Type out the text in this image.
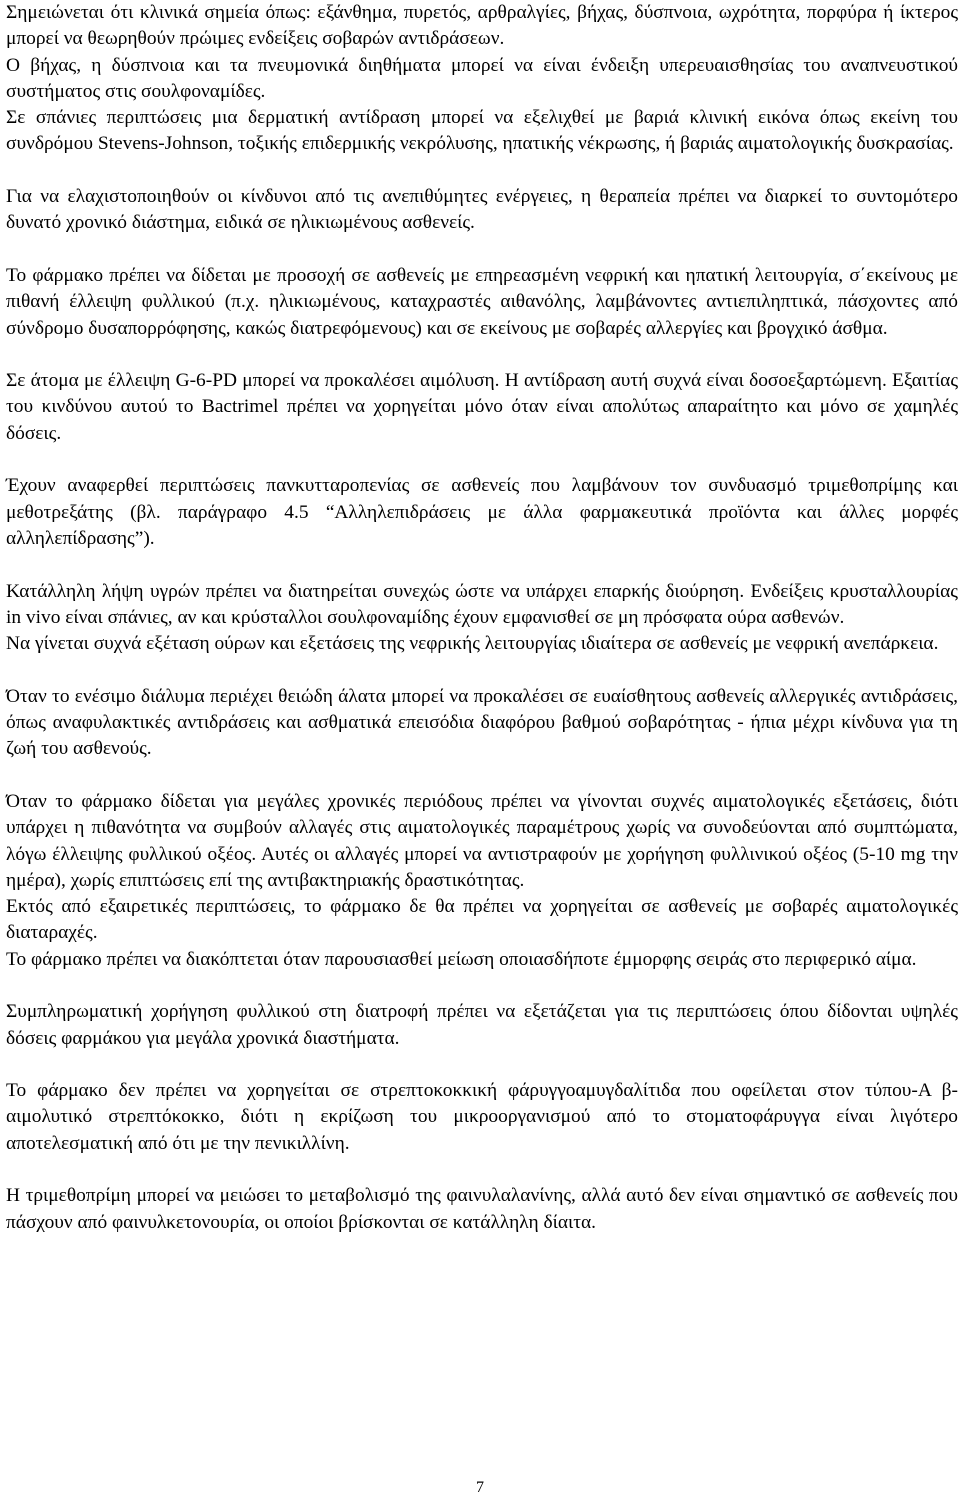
Σημειώνεται ότι κλινικά σημεία όπως: εξάνθημα, πυρετός, αρθραλγίες, βήχας, δύσπνοια, ωχρότητα, πορφύρα ή ίκτερος μπορεί να θεωρηθούν πρώιμες ενδείξεις σοβαρών αντιδράσεων.
Ο βήχας, η δύσπνοια και τα πνευμονικά διηθήματα μπορεί να είναι ένδειξη υπερευαισθησίας του αναπνευστικού συστήματος στις σουλφοναμίδες.
Σε σπάνιες περιπτώσεις μια δερματική αντίδραση μπορεί να εξελιχθεί με βαριά κλινική εικόνα όπως εκείνη του συνδρόμου Stevens-Johnson, τοξικής επιδερμικής νεκρόλυσης, ηπατικής νέκρωσης, ή βαριάς αιματολογικής δυσκρασίας.

Για να ελαχιστοποιηθούν οι κίνδυνοι από τις ανεπιθύμητες ενέργειες, η θεραπεία πρέπει να διαρκεί το συντομότερο δυνατό χρονικό διάστημα, ειδικά σε ηλικιωμένους ασθενείς.

Το φάρμακο πρέπει να δίδεται με προσοχή σε ασθενείς με επηρεασμένη νεφρική και ηπατική λειτουργία, σ΄εκείνους με πιθανή έλλειψη φυλλικού (π.χ. ηλικιωμένους, καταχραστές αιθανόλης, λαμβάνοντες αντιεπιληπτικά, πάσχοντες από σύνδρομο δυσαπορρόφησης, κακώς διατρεφόμενους) και σε εκείνους με σοβαρές αλλεργίες και βρογχικό άσθμα.

Σε άτομα με έλλειψη G-6-PD μπορεί να προκαλέσει αιμόλυση. Η αντίδραση αυτή συχνά είναι δοσοεξαρτώμενη. Εξαιτίας του κινδύνου αυτού το Bactrimel πρέπει να χορηγείται μόνο όταν είναι απολύτως απαραίτητο και μόνο σε χαμηλές δόσεις.

Έχουν αναφερθεί περιπτώσεις πανκυτταροπενίας σε ασθενείς που λαμβάνουν τον συνδυασμό τριμεθοπρίμης και μεθοτρεξάτης (βλ. παράγραφο 4.5 “Αλληλεπιδράσεις με άλλα φαρμακευτικά προϊόντα και άλλες μορφές αλληλεπίδρασης”).

Κατάλληλη λήψη υγρών πρέπει να διατηρείται συνεχώς ώστε να υπάρχει επαρκής διούρηση. Ενδείξεις κρυσταλλουρίας in vivo είναι σπάνιες, αν και κρύσταλλοι σουλφοναμίδης έχουν εμφανισθεί σε μη πρόσφατα ούρα ασθενών.
Να γίνεται συχνά εξέταση ούρων και εξετάσεις της νεφρικής λειτουργίας ιδιαίτερα σε ασθενείς με νεφρική ανεπάρκεια.

Όταν το ενέσιμο διάλυμα περιέχει θειώδη άλατα μπορεί να προκαλέσει σε ευαίσθητους ασθενείς αλλεργικές αντιδράσεις, όπως αναφυλακτικές αντιδράσεις και ασθματικά επεισόδια διαφόρου βαθμού σοβαρότητας - ήπια μέχρι κίνδυνα για τη ζωή του ασθενούς.

Όταν το φάρμακο δίδεται για μεγάλες χρονικές περιόδους πρέπει να γίνονται συχνές αιματολογικές εξετάσεις, διότι υπάρχει η πιθανότητα να συμβούν αλλαγές στις αιματολογικές παραμέτρους χωρίς να συνοδεύονται από συμπτώματα, λόγω έλλειψης φυλλικού οξέος. Αυτές οι αλλαγές μπορεί να αντιστραφούν με χορήγηση φυλλινικού οξέος (5-10 mg την ημέρα), χωρίς επιπτώσεις επί της αντιβακτηριακής δραστικότητας.
Εκτός από εξαιρετικές περιπτώσεις, το φάρμακο δε θα πρέπει να χορηγείται σε ασθενείς με σοβαρές αιματολογικές διαταραχές.
Το φάρμακο πρέπει να διακόπτεται όταν παρουσιασθεί μείωση οποιασδήποτε έμμορφης σειράς στο περιφερικό αίμα.

Συμπληρωματική χορήγηση φυλλικού στη διατροφή πρέπει να εξετάζεται για τις περιπτώσεις όπου δίδονται υψηλές δόσεις φαρμάκου για μεγάλα χρονικά διαστήματα.

Το φάρμακο δεν πρέπει να χορηγείται σε στρεπτοκοκκική φάρυγγοαμυγδαλίτιδα που οφείλεται στον τύπου-Α β-αιμολυτικό στρεπτόκοκκο, διότι η εκρίζωση του μικροοργανισμού από το στοματοφάρυγγα είναι λιγότερο αποτελεσματική από ότι με την πενικιλλίνη.

Η τριμεθοπρίμη μπορεί να μειώσει το μεταβολισμό της φαινυλαλανίνης, αλλά αυτό δεν είναι σημαντικό σε ασθενείς που πάσχουν από φαινυλκετονουρία, οι οποίοι βρίσκονται σε κατάλληλη δίαιτα.

7
